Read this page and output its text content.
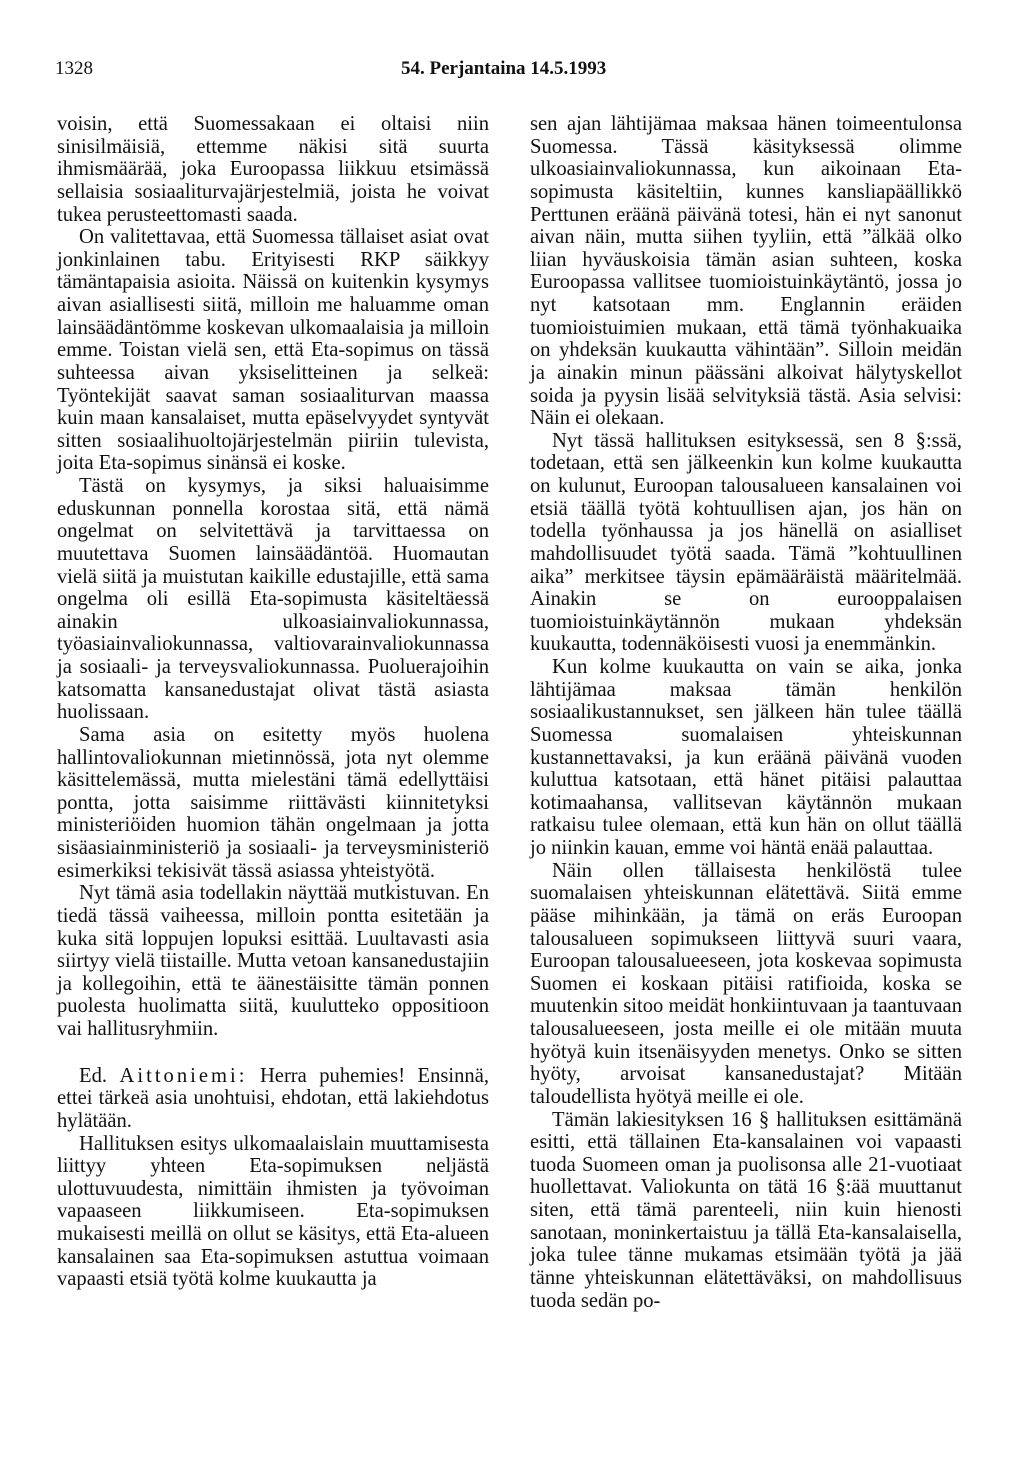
1328	54. Perjantaina 14.5.1993

voisin, että Suomessakaan ei oltaisi niin sinisilmäisiä, ettemme näkisi sitä suurta ihmismäärää, joka Euroopassa liikkuu etsimässä sellaisia sosiaaliturvajärjestelmiä, joista he voivat tukea perusteettomasti saada.

On valitettavaa, että Suomessa tällaiset asiat ovat jonkinlainen tabu. Erityisesti RKP säikkyy tämäntapaisia asioita. Näissä on kuitenkin kysymys aivan asiallisesti siitä, milloin me haluamme oman lainsäädäntömme koskevan ulkomaalaisia ja milloin emme. Toistan vielä sen, että Eta-sopimus on tässä suhteessa aivan yksiselitteinen ja selkeä: Työntekijät saavat saman sosiaaliturvan maassa kuin maan kansalaiset, mutta epäselvyydet syntyvät sitten sosiaalihuoltojärjestelmän piiriin tulevista, joita Eta-sopimus sinänsä ei koske.

Tästä on kysymys, ja siksi haluaisimme eduskunnan ponnella korostaa sitä, että nämä ongelmat on selvitettävä ja tarvittaessa on muutettava Suomen lainsäädäntöä. Huomautan vielä siitä ja muistutan kaikille edustajille, että sama ongelma oli esillä Eta-sopimusta käsiteltäessä ainakin ulkoasiainvaliokunnassa, työasiainvaliokunnassa, valtiovarainvaliokunnassa ja sosiaali- ja terveysvaliokunnassa. Puoluerajoihin katsomatta kansanedustajat olivat tästä asiasta huolissaan.

Sama asia on esitetty myös huolena hallintovaliokunnan mietinnössä, jota nyt olemme käsittelemässä, mutta mielestäni tämä edellyttäisi pontta, jotta saisimme riittävästi kiinnitetyksi ministeriöiden huomion tähän ongelmaan ja jotta sisäasiainministeriö ja sosiaali- ja terveysministeriö esimerkiksi tekisivät tässä asiassa yhteistyötä.

Nyt tämä asia todellakin näyttää mutkistuvan. En tiedä tässä vaiheessa, milloin pontta esitetään ja kuka sitä loppujen lopuksi esittää. Luultavasti asia siirtyy vielä tiistaille. Mutta vetoan kansanedustajiin ja kollegoihin, että te äänestäisitte tämän ponnen puolesta huolimatta siitä, kuulutteko oppositioon vai hallitusryhmiin.

Ed. Aittoniemi: Herra puhemies! Ensinnä, ettei tärkeä asia unohtuisi, ehdotan, että lakiehdotus hylätään.

Hallituksen esitys ulkomaalaislain muuttamisesta liittyy yhteen Eta-sopimuksen neljästä ulottuvuudesta, nimittäin ihmisten ja työvoiman vapaaseen liikkumiseen. Eta-sopimuksen mukaisesti meillä on ollut se käsitys, että Eta-alueen kansalainen saa Eta-sopimuksen astuttua voimaan vapaasti etsiä työtä kolme kuukautta ja

sen ajan lähtijämaa maksaa hänen toimeentulonsa Suomessa. Tässä käsityksessä olimme ulkoasiainvaliokunnassa, kun aikoinaan Eta-sopimusta käsiteltiin, kunnes kansliapäällikkö Perttunen eräänä päivänä totesi, hän ei nyt sanonut aivan näin, mutta siihen tyyliin, että ”älkää olko liian hyväuskoisia tämän asian suhteen, koska Euroopassa vallitsee tuomioistuinkäytäntö, jossa jo nyt katsotaan mm. Englannin eräiden tuomioistuimien mukaan, että tämä työnhakuaika on yhdeksän kuukautta vähintään”. Silloin meidän ja ainakin minun päässäni alkoivat hälytyskellot soida ja pyysin lisää selvityksiä tästä. Asia selvisi: Näin ei olekaan.

Nyt tässä hallituksen esityksessä, sen 8 §:ssä, todetaan, että sen jälkeenkin kun kolme kuukautta on kulunut, Euroopan talousalueen kansalainen voi etsiä täällä työtä kohtuullisen ajan, jos hän on todella työnhaussa ja jos hänellä on asialliset mahdollisuudet työtä saada. Tämä ”kohtuullinen aika” merkitsee täysin epämääräistä määritelmää. Ainakin se on eurooppalaisen tuomioistuinkäytännön mukaan yhdeksän kuukautta, todennäköisesti vuosi ja enemmänkin.

Kun kolme kuukautta on vain se aika, jonka lähtijämaa maksaa tämän henkilön sosiaalikustannukset, sen jälkeen hän tulee täällä Suomessa suomalaisen yhteiskunnan kustannettavaksi, ja kun eräänä päivänä vuoden kuluttua katsotaan, että hänet pitäisi palauttaa kotimaahansa, vallitsevan käytännön mukaan ratkaisu tulee olemaan, että kun hän on ollut täällä jo niinkin kauan, emme voi häntä enää palauttaa.

Näin ollen tällaisesta henkilöstä tulee suomalaisen yhteiskunnan elätettävä. Siitä emme pääse mihinkään, ja tämä on eräs Euroopan talousalueen sopimukseen liittyvä suuri vaara, Euroopan talousalueeseen, jota koskevaa sopimusta Suomen ei koskaan pitäisi ratifioida, koska se muutenkin sitoo meidät honkiintuvaan ja taantuvaan talousalueeseen, josta meille ei ole mitään muuta hyötyä kuin itsenäisyyden menetys. Onko se sitten hyöty, arvoisat kansanedustajat? Mitään taloudellista hyötyä meille ei ole.

Tämän lakiesityksen 16 § hallituksen esittämänä esitti, että tällainen Eta-kansalainen voi vapaasti tuoda Suomeen oman ja puolisonsa alle 21-vuotiaat huollettavat. Valiokunta on tätä 16 §:ää muuttanut siten, että tämä parenteeli, niin kuin hienosti sanotaan, moninkertaistuu ja tällä Eta-kansalaisella, joka tulee tänne mukamas etsimään työtä ja jää tänne yhteiskunnan elätettäväksi, on mahdollisuus tuoda sedän po-
